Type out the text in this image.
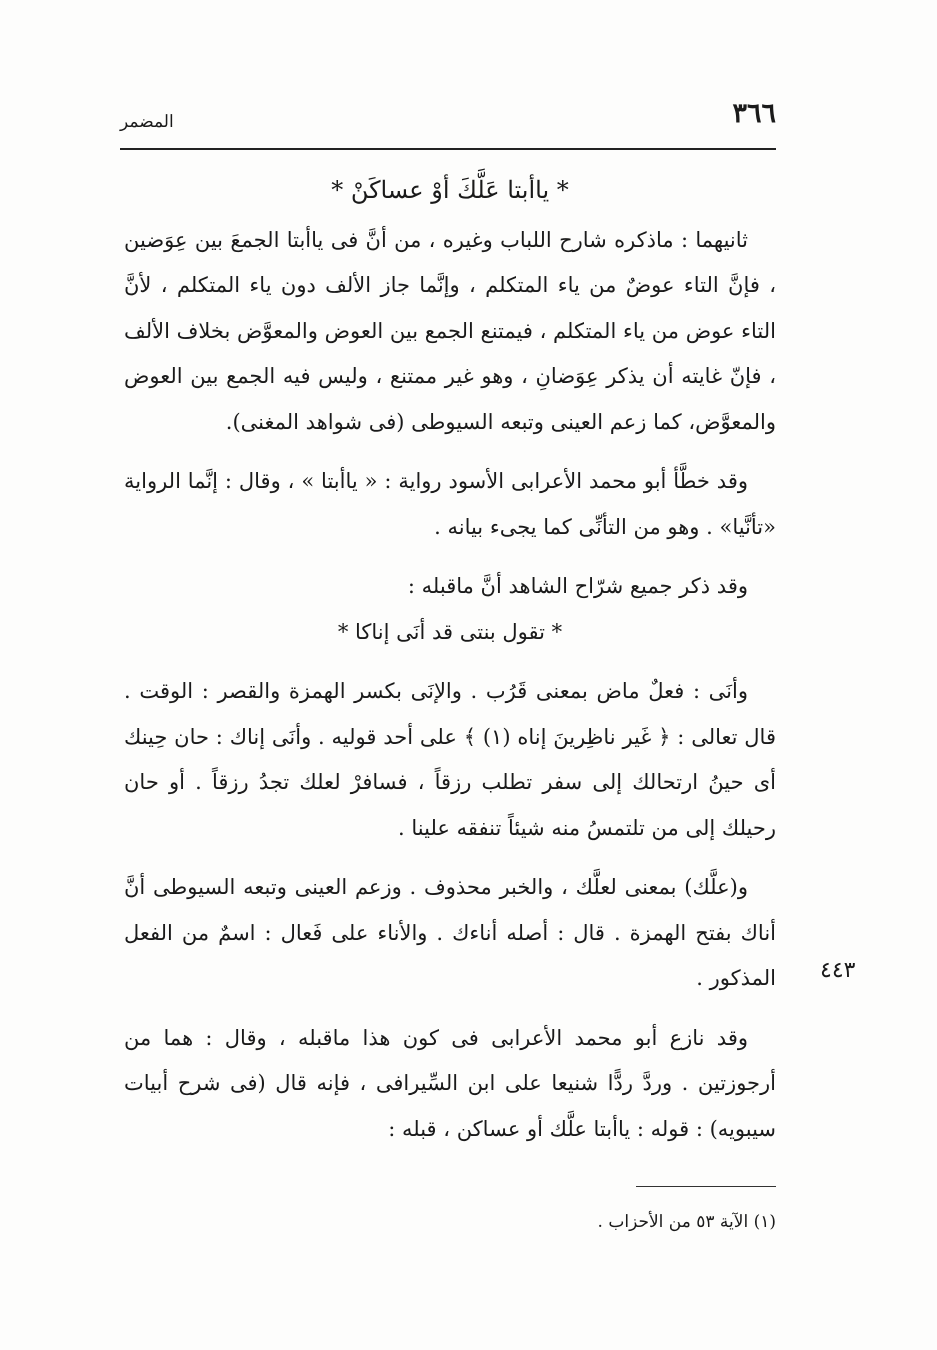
٣٦٦
المضمر

* ياأبتا عَلَّكَ أوْ عساكَنْ *

ثانيهما : ماذكره شارح اللباب وغيره ، من أنَّ فى ياأبتا الجمعَ بين عِوَضين ، فإنَّ التاء عوضٌ من ياء المتكلم ، وإنَّما جاز الألف دون ياء المتكلم ، لأنَّ التاء عوض من ياء المتكلم ، فيمتنع الجمع بين العوض والمعوَّض بخلاف الألف ، فإنّ غايته أن يذكر عِوَضانِ ، وهو غير ممتنع ، وليس فيه الجمع بين العوض والمعوَّض، كما زعم العينى وتبعه السيوطى (فى شواهد المغنى).

وقد خطَّأ أبو محمد الأعرابى الأسود رواية : « ياأبتا » ، وقال : إنَّما الرواية «تأنَّيا» . وهو من التأنِّى كما يجىء بيانه .

وقد ذكر جميع شرّاح الشاهد أنَّ ماقبله :

* تقول بنتى قد أنَى إناكا *

وأنَى : فعلٌ ماض بمعنى قَرُب . والإنَى بكسر الهمزة والقصر : الوقت . قال تعالى : ﴿ غَير ناظِرينَ إناه (١) ﴾ على أحد قوليه . وأنَى إناك : حان حِينك أى حينُ ارتحالك إلى سفر تطلب رزقاً ، فسافرْ لعلك تجدُ رزقاً . أو حان رحيلك إلى من تلتمسُ منه شيئاً تنفقه علينا .

و(علَّك) بمعنى لعلَّك ، والخبر محذوف . وزعم العينى وتبعه السيوطى أنَّ أناك بفتح الهمزة . قال : أصله أناءك . والأناء على فَعال : اسمٌ من الفعل المذكور .

وقد نازع أبو محمد الأعرابى فى كون هذا ماقبله ، وقال : هما من أرجوزتين . وردَّ ردًّا شنيعا على ابن السِّيرافى ، فإنه قال (فى شرح أبيات سيبويه) : قوله : ياأبتا علَّك أو عساكن ، قبله :

٤٤٣
(١) الآية ٥٣ من الأحزاب .
